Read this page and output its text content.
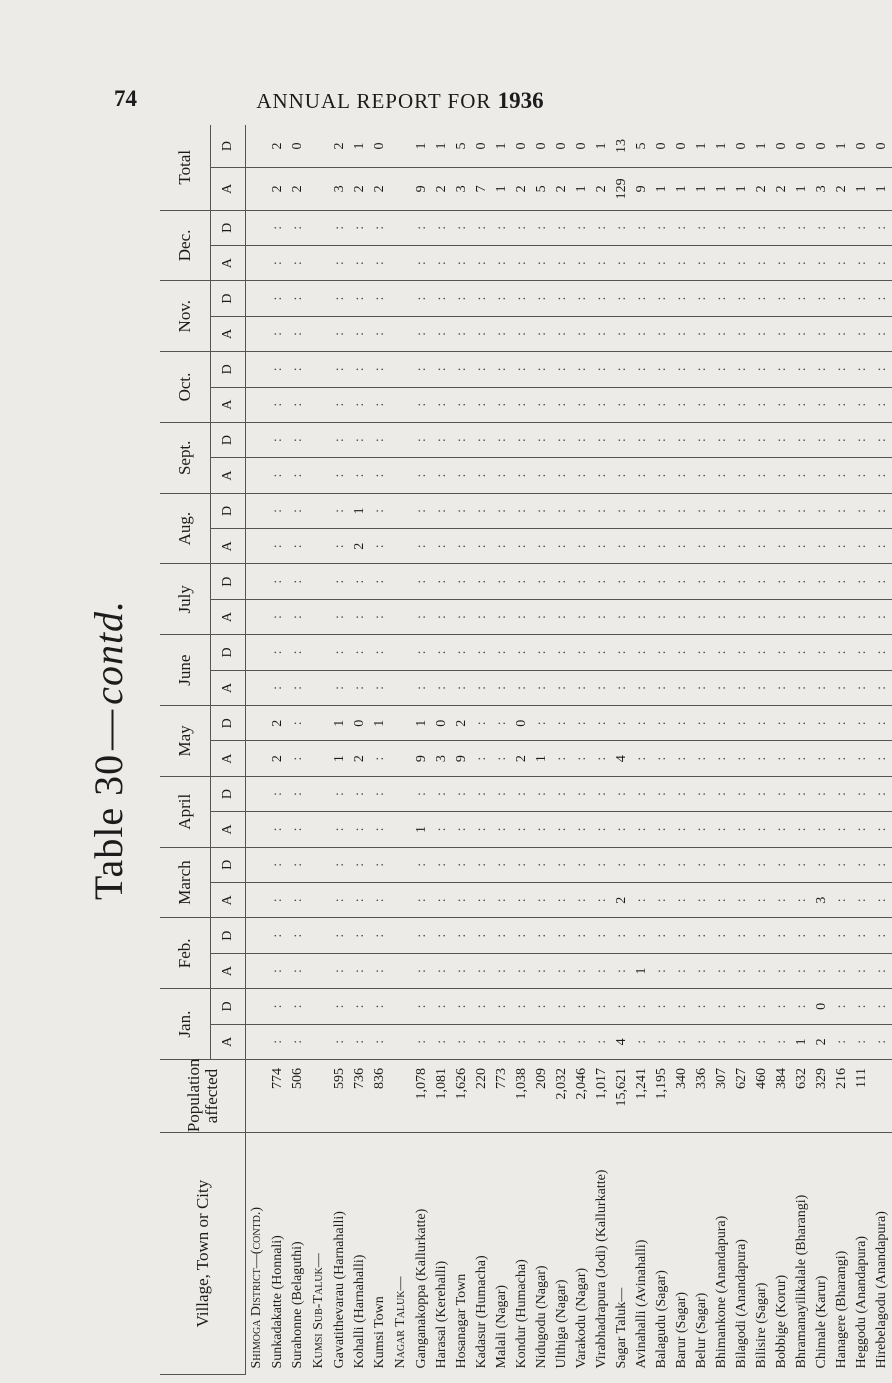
74	ANNUAL REPORT FOR 1936
Table 30—contd.
Village, Town or City	Population affected	Jan.		Feb.		March		April		May		June		July		Aug.		Sept.		Oct.		Nov.		Dec.		Total	
		A	D	A	D	A	D	A	D	A	D	A	D	A	D	A	D	A	D	A	D	A	D	A	D	A	D
Shimoga District—(contd.)																											
Sunkadakatte (Honnali)	774	:	:	:	:	:	:	:	:	2	2	:	:	:	:	:	:	:	:	:	:	:	:	:	:	2	2
Surahonne (Belaguthi)	506	:	:	:	:	:	:	:	:	:	:	:	:	:	:	:	:	:	:	:	:	:	:	:	:	2	0
Kumsi Sub-Taluk—																											
Gavatithevarau (Harnahalli)	595	:	:	:	:	:	:	:	:	1	1	:	:	:	:	:	:	:	:	:	:	:	:	:	:	3	2
Kohalli (Harnahalli)	736	:	:	:	:	:	:	:	:	2	0	:	:	:	:	2	1	:	:	:	:	:	:	:	:	2	1
Kumsi Town	836	:	:	:	:	:	:	:	:	:	1	:	:	:	:	:	:	:	:	:	:	:	:	:	:	2	0
Nagar Taluk—																											
Ganganakoppa (Kallurkatte)	1,078	:	:	:	:	:	:	1	:	9	1	:	:	:	:	:	:	:	:	:	:	:	:	:	:	9	1
Harasal (Kerehalli)	1,081	:	:	:	:	:	:	:	:	3	0	:	:	:	:	:	:	:	:	:	:	:	:	:	:	2	1
Hosanagar Town	1,626	:	:	:	:	:	:	:	:	9	2	:	:	:	:	:	:	:	:	:	:	:	:	:	:	3	5
Kadasur (Humacha)	220	:	:	:	:	:	:	:	:	:	:	:	:	:	:	:	:	:	:	:	:	:	:	:	:	7	0
Malali (Nagar)	773	:	:	:	:	:	:	:	:	:	:	:	:	:	:	:	:	:	:	:	:	:	:	:	:	1	1
Kondur (Humacha)	1,038	:	:	:	:	:	:	:	:	2	0	:	:	:	:	:	:	:	:	:	:	:	:	:	:	2	0
Nidugodu (Nagar)	209	:	:	:	:	:	:	:	:	1	:	:	:	:	:	:	:	:	:	:	:	:	:	:	:	5	0
Ulthiga (Nagar)	2,032	:	:	:	:	:	:	:	:	:	:	:	:	:	:	:	:	:	:	:	:	:	:	:	:	2	0
Varakodu (Nagar)	2,046	:	:	:	:	:	:	:	:	:	:	:	:	:	:	:	:	:	:	:	:	:	:	:	:	1	0
Virabhadrapura (Jodi) (Kallurkatte)	1,017	:	:	:	:	:	:	:	:	:	:	:	:	:	:	:	:	:	:	:	:	:	:	:	:	2	1
Sagar Taluk—	15,621	4	:	:	:	2	:	:	:	4	:	:	:	:	:	:	:	:	:	:	:	:	:	:	:	129	13
Avinahalli (Avinahalli)	1,241	:	:	1	:	:	:	:	:	:	:	:	:	:	:	:	:	:	:	:	:	:	:	:	:	9	5
Balagudu (Sagar)	1,195	:	:	:	:	:	:	:	:	:	:	:	:	:	:	:	:	:	:	:	:	:	:	:	:	1	0
Barur (Sagar)	340	:	:	:	:	:	:	:	:	:	:	:	:	:	:	:	:	:	:	:	:	:	:	:	:	1	0
Belur (Sagar)	336	:	:	:	:	:	:	:	:	:	:	:	:	:	:	:	:	:	:	:	:	:	:	:	:	1	1
Bhimankone (Anandapura)	307	:	:	:	:	:	:	:	:	:	:	:	:	:	:	:	:	:	:	:	:	:	:	:	:	1	1
Bilagodi (Anandapura)	627	:	:	:	:	:	:	:	:	:	:	:	:	:	:	:	:	:	:	:	:	:	:	:	:	1	0
Bilisire (Sagar)	460	:	:	:	:	:	:	:	:	:	:	:	:	:	:	:	:	:	:	:	:	:	:	:	:	2	1
Bobbige (Korur)	384	:	:	:	:	:	:	:	:	:	:	:	:	:	:	:	:	:	:	:	:	:	:	:	:	2	0
Bhramanayilikalale (Bharangi)	632	1	:	:	:	:	:	:	:	:	:	:	:	:	:	:	:	:	:	:	:	:	:	:	:	1	0
Chimale (Karur)	329	2	0	:	:	3	:	:	:	:	:	:	:	:	:	:	:	:	:	:	:	:	:	:	:	3	0
Hanagere (Bharangi)	216	:	:	:	:	:	:	:	:	:	:	:	:	:	:	:	:	:	:	:	:	:	:	:	:	2	1
Heggodu (Anandapura)	111	:	:	:	:	:	:	:	:	:	:	:	:	:	:	:	:	:	:	:	:	:	:	:	:	1	0
Hirebelagodu (Anandapura)		:	:	:	:	:	:	:	:	:	:	:	:	:	:	:	:	:	:	:	:	:	:	:	:	1	0
